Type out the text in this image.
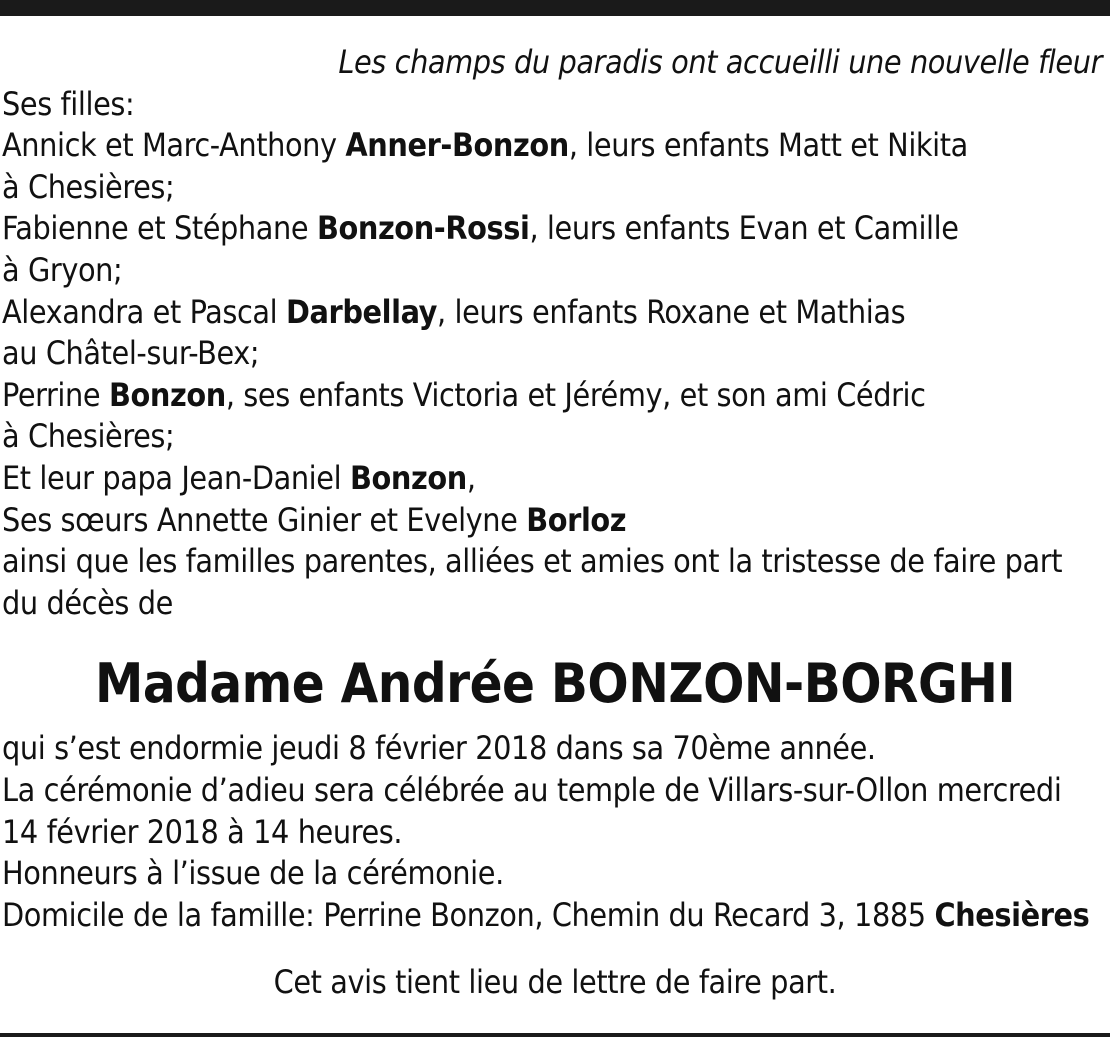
Les champs du paradis ont accueilli une nouvelle fleur
Ses filles:
Annick et Marc-Anthony Anner-Bonzon, leurs enfants Matt et Nikita
à Chesières;
Fabienne et Stéphane Bonzon-Rossi, leurs enfants Evan et Camille
à Gryon;
Alexandra et Pascal Darbellay, leurs enfants Roxane et Mathias
au Châtel-sur-Bex;
Perrine Bonzon, ses enfants Victoria et Jérémy, et son ami Cédric
à Chesières;
Et leur papa Jean-Daniel Bonzon,
Ses sœurs Annette Ginier et Evelyne Borloz
ainsi que les familles parentes, alliées et amies ont la tristesse de faire part
du décès de
Madame Andrée BONZON-BORGHI
qui s’est endormie jeudi 8 février 2018 dans sa 70ème année.
La cérémonie d’adieu sera célébrée au temple de Villars-sur-Ollon mercredi
14 février 2018 à 14 heures.
Honneurs à l’issue de la cérémonie.
Domicile de la famille: Perrine Bonzon, Chemin du Recard 3, 1885 Chesières
Cet avis tient lieu de lettre de faire part.
